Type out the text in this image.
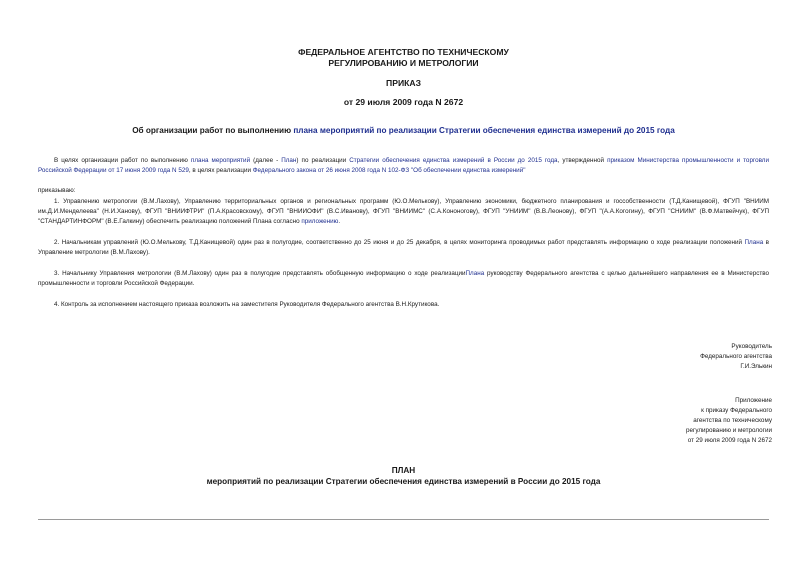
ФЕДЕРАЛЬНОЕ АГЕНТСТВО ПО ТЕХНИЧЕСКОМУ
РЕГУЛИРОВАНИЮ И МЕТРОЛОГИИ
ПРИКАЗ
от 29 июля 2009 года N 2672
Об организации работ по выполнению плана мероприятий по реализации Стратегии обеспечения единства измерений до 2015 года
В целях организации работ по выполнению плана мероприятий (далее - План) по реализации Стратегии обеспечения единства измерений в России до 2015 года, утвержденной приказом Министерства промышленности и торговли Российской Федерации от 17 июня 2009 года N 529, в целях реализации Федерального закона от 26 июня 2008 года N 102-ФЗ "Об обеспечении единства измерений"
приказываю:
1. Управлению метрологии (В.М.Лахову), Управлению территориальных органов и региональных программ (Ю.О.Мелькову), Управлению экономики, бюджетного планирования и госсобственности (Т.Д.Канищевой), ФГУП "ВНИИМ им.Д.И.Менделеева" (Н.И.Ханову), ФГУП "ВНИИФТРИ" (П.А.Красовскому), ФГУП "ВНИИОФИ" (В.С.Иванову), ФГУП "ВНИИМС" (С.А.Кононогову), ФГУП "УНИИМ" (В.В.Леонову), ФГУП "(А.А.Когогину), ФГУП "СНИИМ" (В.Ф.Матвейчук), ФГУП "СТАНДАРТИНФОРМ" (В.Е.Галкину) обеспечить реализацию положений Плана согласно приложению.
2. Начальникам управлений (Ю.О.Мелькову, Т.Д.Канищевой) один раз в полугодие, соответственно до 25 июня и до 25 декабря, в целях мониторинга проводимых работ представлять информацию о ходе реализации положений Плана в Управление метрологии (В.М.Лахову).
3. Начальнику Управления метрологии (В.М.Лахову) один раз в полугодие представлять обобщенную информацию о ходе реализацииПлана руководству Федерального агентства с целью дальнейшего направления ее в Министерство промышленности и торговли Российской Федерации.
4. Контроль за исполнением настоящего приказа возложить на заместителя Руководителя Федерального агентства В.Н.Крутикова.
Руководитель
Федерального агентства
Г.И.Элькин
Приложение
к приказу Федерального
агентства по техническому
регулированию и метрологии
от 29 июля 2009 года N 2672
ПЛАН
мероприятий по реализации Стратегии обеспечения единства измерений в России до 2015 года
